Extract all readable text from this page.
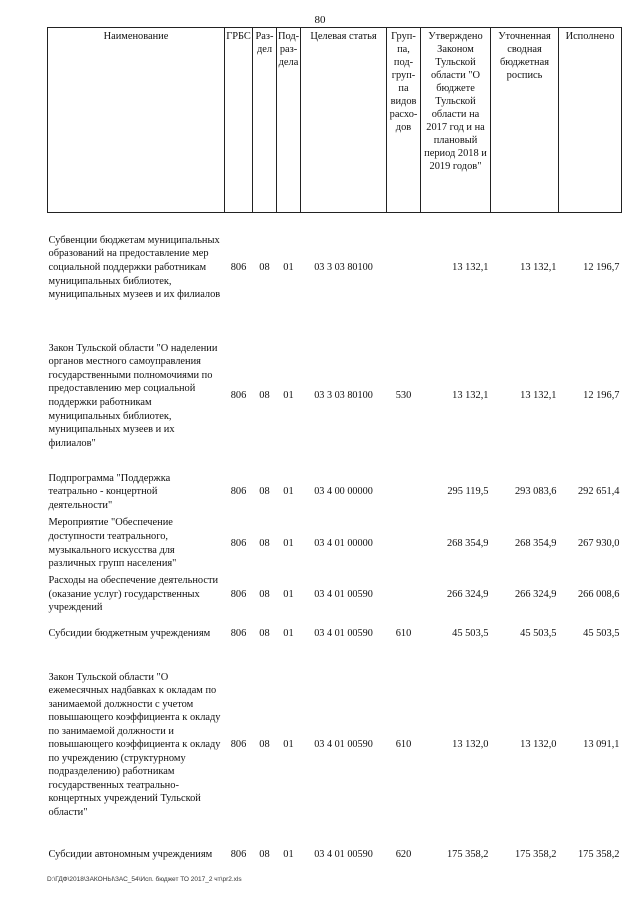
80
Наименование	ГРБС	Раз-дел	Под-раз-дела	Целевая статья	Груп-па, под-груп-па видов расхо-дов	Утверждено Законом Тульской области "О бюджете Тульской области на 2017 год и на плановый период 2018 и 2019 годов"	Уточненная сводная бюджетная роспись	Исполнено
Субвенции бюджетам муниципальных образований на предоставление мер социальной поддержки работникам муниципальных библиотек, муниципальных музеев и их филиалов	806	08	01	03 3 03 80100		13 132,1	13 132,1	12 196,7
Закон Тульской области "О наделении органов местного самоуправления государственными полномочиями по предоставлению мер социальной поддержки работникам муниципальных библиотек, муниципальных музеев и их филиалов"	806	08	01	03 3 03 80100	530	13 132,1	13 132,1	12 196,7
Подпрограмма "Поддержка театрально - концертной деятельности"	806	08	01	03 4 00 00000		295 119,5	293 083,6	292 651,4
Мероприятие "Обеспечение доступности театрального, музыкального искусства для различных групп населения"	806	08	01	03 4 01 00000		268 354,9	268 354,9	267 930,0
Расходы на обеспечение деятельности (оказание услуг) государственных учреждений	806	08	01	03 4 01 00590		266 324,9	266 324,9	266 008,6
Субсидии бюджетным учреждениям	806	08	01	03 4 01 00590	610	45 503,5	45 503,5	45 503,5
Закон Тульской области "О ежемесячных надбавках к окладам по занимаемой должности с учетом повышающего коэффициента к окладу по занимаемой должности и повышающего коэффициента к окладу по учреждению (структурному подразделению) работникам государственных театрально-концертных учреждений Тульской области"	806	08	01	03 4 01 00590	610	13 132,0	13 132,0	13 091,1
Субсидии автономным учреждениям	806	08	01	03 4 01 00590	620	175 358,2	175 358,2	175 358,2
D:\ГДФ\2018\ЗАКОНЫ\ЗАС_54\Исп. бюджет ТО 2017_2 чт\pr2.xls
